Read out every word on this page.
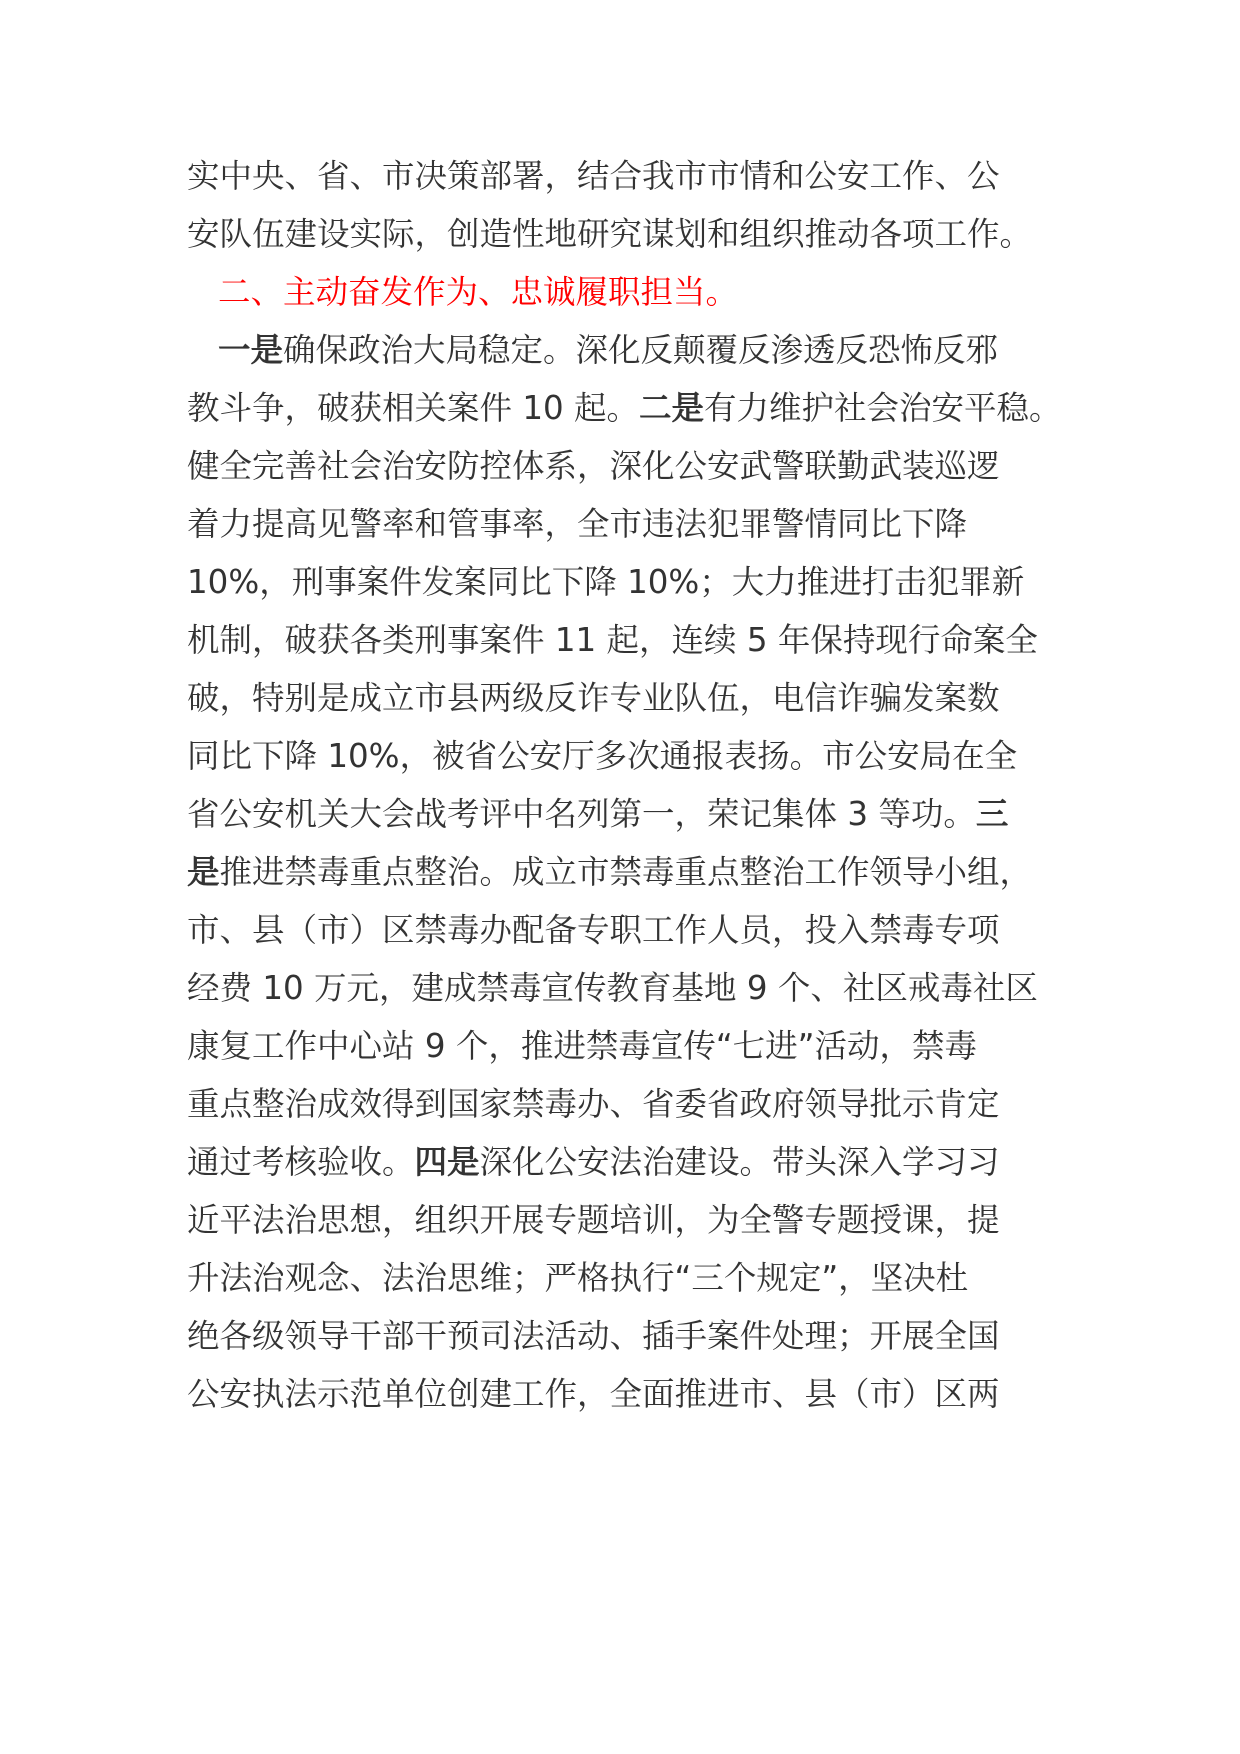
实中央、省、市决策部署，结合我市市情和公安工作、公
安队伍建设实际，创造性地研究谋划和组织推动各项工作。
二、主动奋发作为、忠诚履职担当。
一是确保政治大局稳定。深化反颠覆反渗透反恐怖反邪
教斗争，破获相关案件 10 起。二是有力维护社会治安平稳。
健全完善社会治安防控体系，深化公安武警联勤武装巡逻
着力提高见警率和管事率，全市违法犯罪警情同比下降
10%，刑事案件发案同比下降 10%；大力推进打击犯罪新
机制，破获各类刑事案件 11 起，连续 5 年保持现行命案全
破，特别是成立市县两级反诈专业队伍，电信诈骗发案数
同比下降 10%，被省公安厅多次通报表扬。市公安局在全
省公安机关大会战考评中名列第一，荣记集体 3 等功。三
是推进禁毒重点整治。成立市禁毒重点整治工作领导小组，
市、县（市）区禁毒办配备专职工作人员，投入禁毒专项
经费 10 万元，建成禁毒宣传教育基地 9 个、社区戒毒社区
康复工作中心站 9 个，推进禁毒宣传“七进”活动，禁毒
重点整治成效得到国家禁毒办、省委省政府领导批示肯定
通过考核验收。四是深化公安法治建设。带头深入学习习
近平法治思想，组织开展专题培训，为全警专题授课，提
升法治观念、法治思维；严格执行“三个规定”，坚决杜
绝各级领导干部干预司法活动、插手案件处理；开展全国
公安执法示范单位创建工作，全面推进市、县（市）区两
